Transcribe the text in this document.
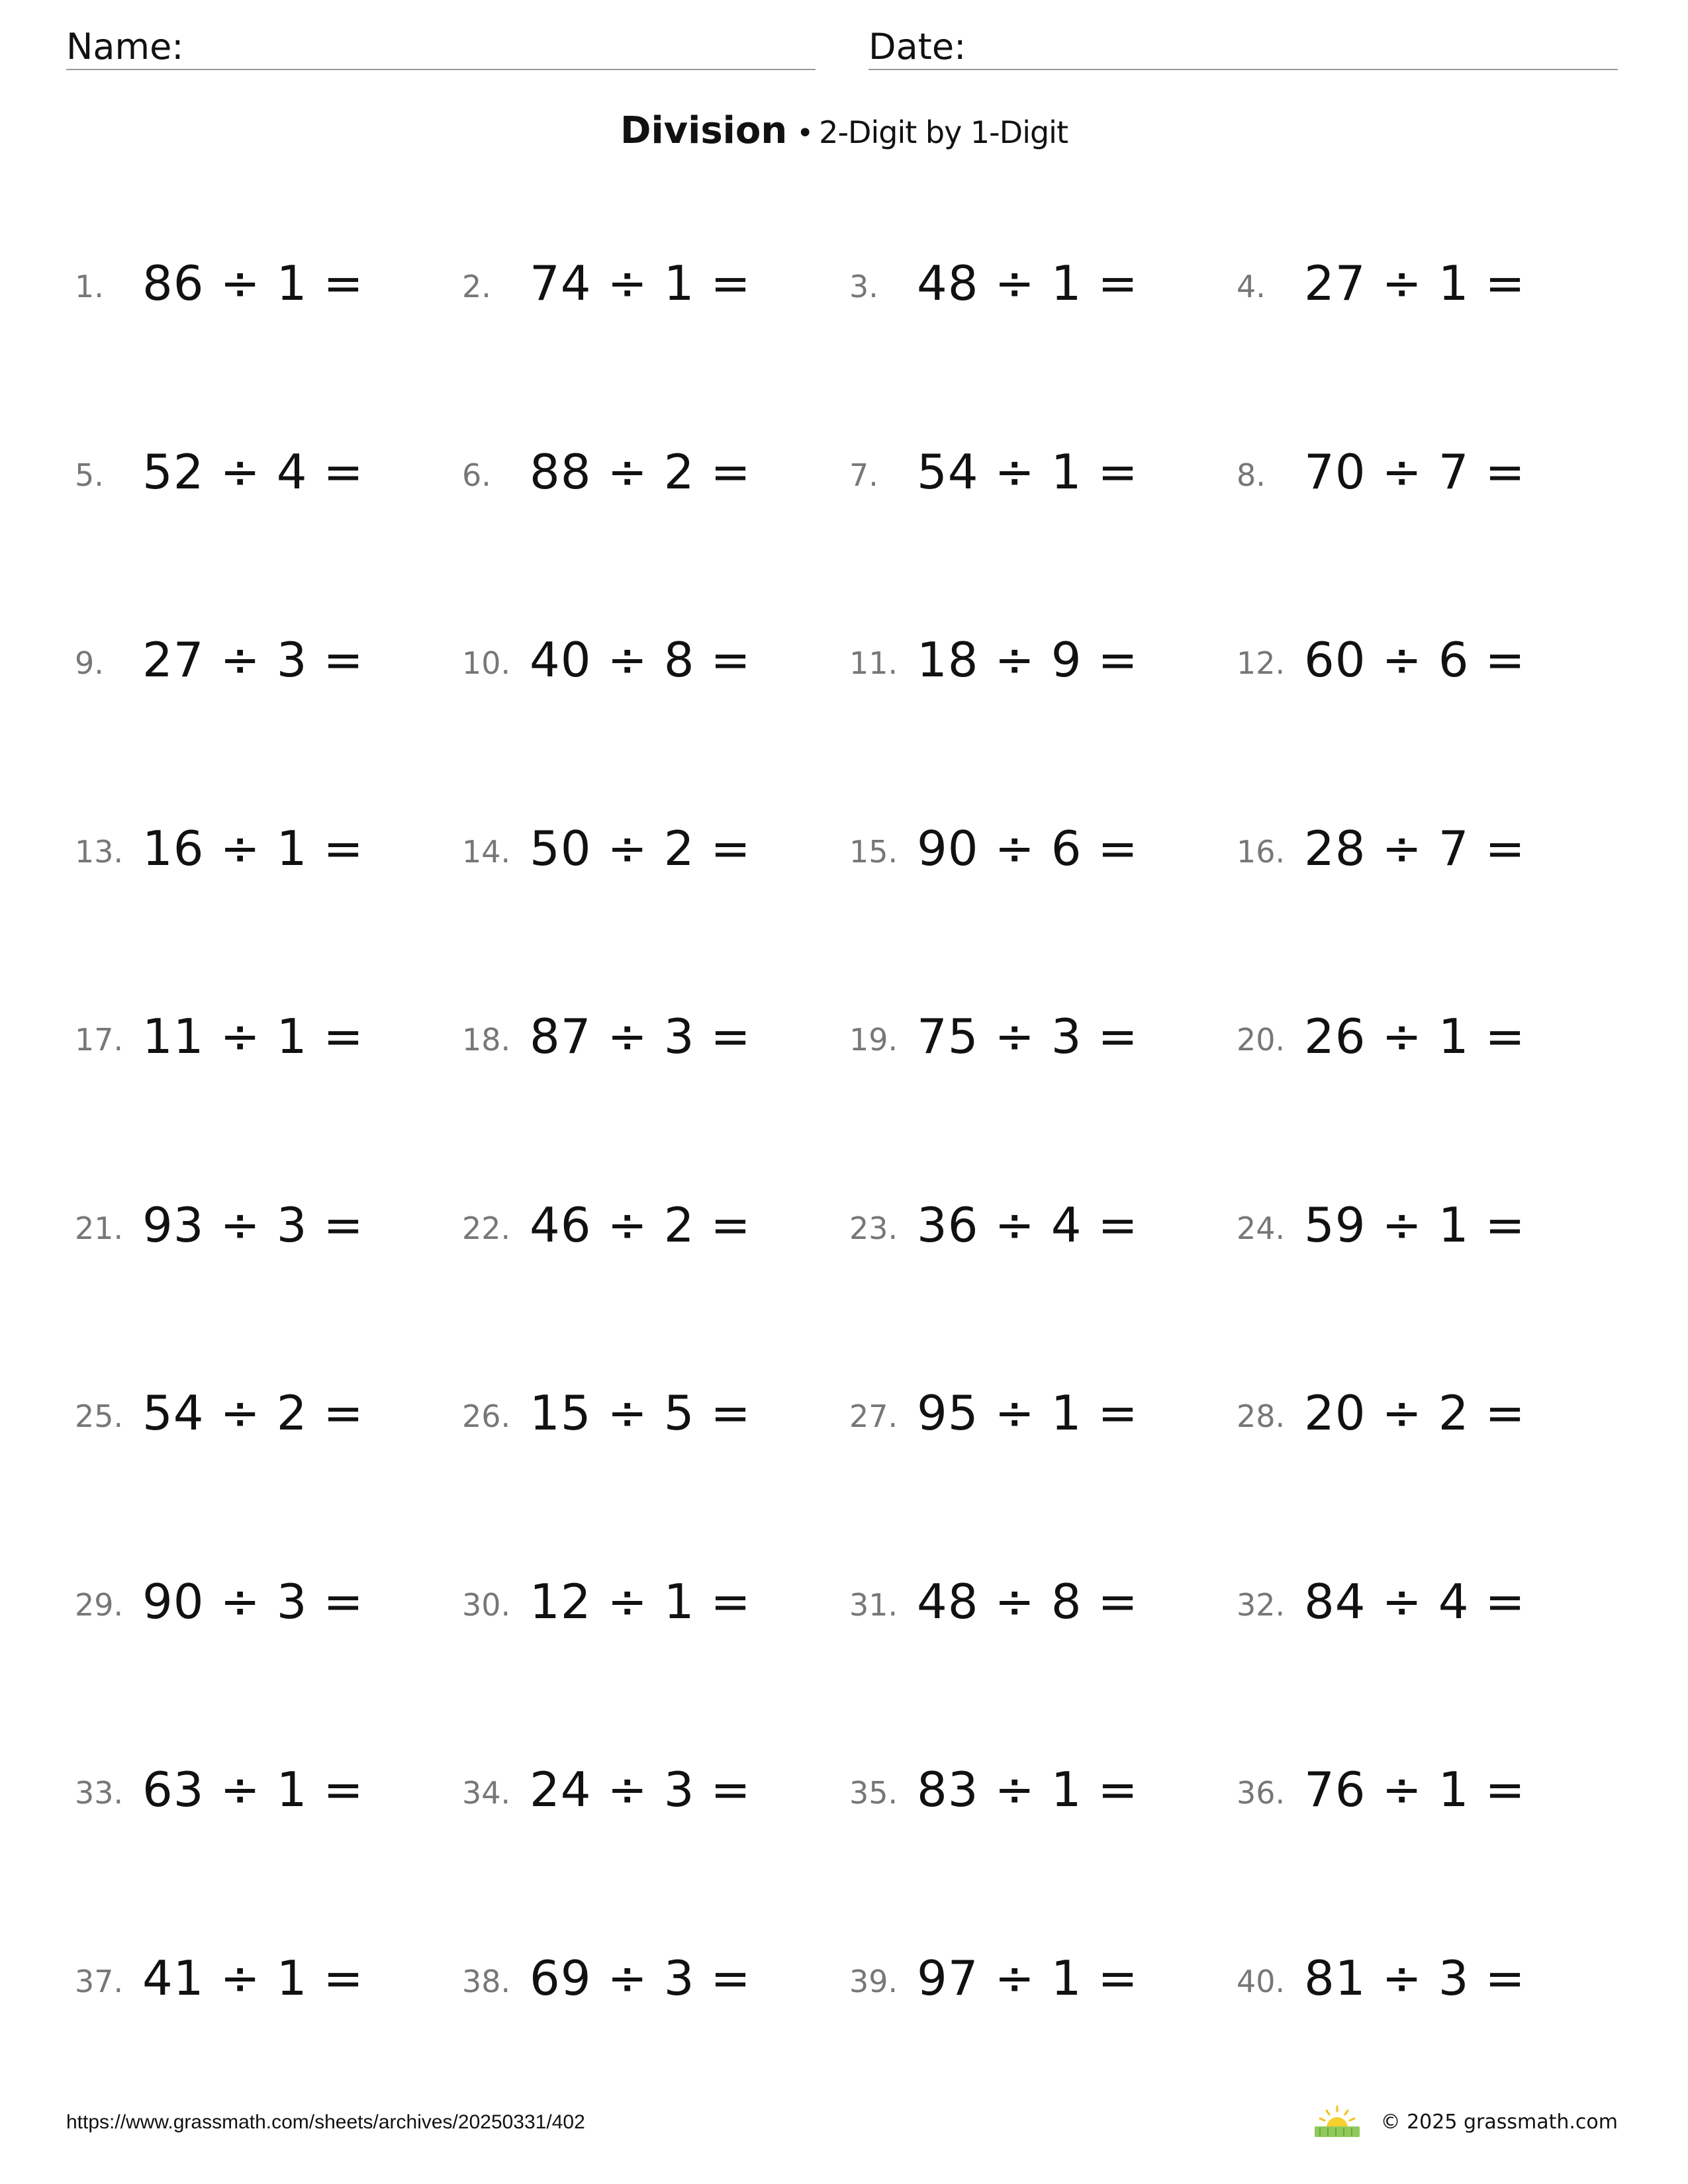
Name:	Date:
Division • 2-Digit by 1-Digit
1. 86 ÷ 1 =	2. 74 ÷ 1 =	3. 48 ÷ 1 =	4. 27 ÷ 1 =
5. 52 ÷ 4 =	6. 88 ÷ 2 =	7. 54 ÷ 1 =	8. 70 ÷ 7 =
9. 27 ÷ 3 =	10. 40 ÷ 8 =	11. 18 ÷ 9 =	12. 60 ÷ 6 =
13. 16 ÷ 1 =	14. 50 ÷ 2 =	15. 90 ÷ 6 =	16. 28 ÷ 7 =
17. 11 ÷ 1 =	18. 87 ÷ 3 =	19. 75 ÷ 3 =	20. 26 ÷ 1 =
21. 93 ÷ 3 =	22. 46 ÷ 2 =	23. 36 ÷ 4 =	24. 59 ÷ 1 =
25. 54 ÷ 2 =	26. 15 ÷ 5 =	27. 95 ÷ 1 =	28. 20 ÷ 2 =
29. 90 ÷ 3 =	30. 12 ÷ 1 =	31. 48 ÷ 8 =	32. 84 ÷ 4 =
33. 63 ÷ 1 =	34. 24 ÷ 3 =	35. 83 ÷ 1 =	36. 76 ÷ 1 =
37. 41 ÷ 1 =	38. 69 ÷ 3 =	39. 97 ÷ 1 =	40. 81 ÷ 3 =
https://www.grassmath.com/sheets/archives/20250331/402	© 2025 grassmath.com
